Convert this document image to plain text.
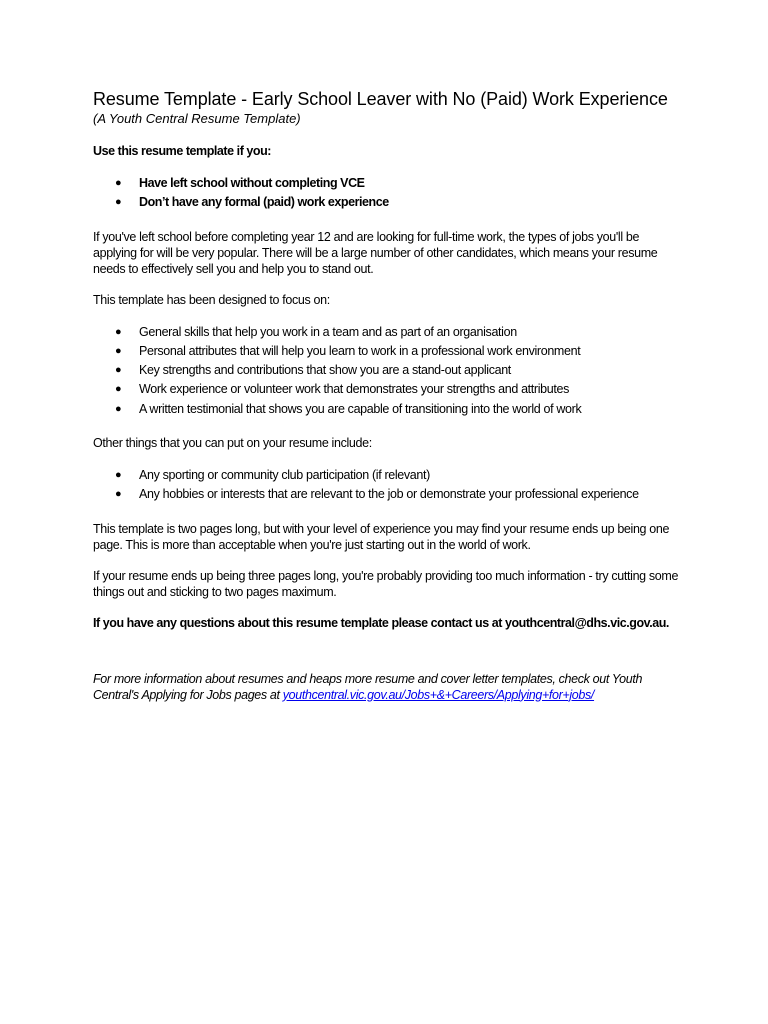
Resume Template - Early School Leaver with No (Paid) Work Experience
(A Youth Central Resume Template)

Use this resume template if you:

● Have left school without completing VCE
● Don’t have any formal (paid) work experience

If you've left school before completing year 12 and are looking for full-time work, the types of jobs you'll be applying for will be very popular. There will be a large number of other candidates, which means your resume needs to effectively sell you and help you to stand out.

This template has been designed to focus on:

● General skills that help you work in a team and as part of an organisation
● Personal attributes that will help you learn to work in a professional work environment
● Key strengths and contributions that show you are a stand-out applicant
● Work experience or volunteer work that demonstrates your strengths and attributes
● A written testimonial that shows you are capable of transitioning into the world of work

Other things that you can put on your resume include:

● Any sporting or community club participation (if relevant)
● Any hobbies or interests that are relevant to the job or demonstrate your professional experience

This template is two pages long, but with your level of experience you may find your resume ends up being one page. This is more than acceptable when you're just starting out in the world of work.

If your resume ends up being three pages long, you're probably providing too much information - try cutting some things out and sticking to two pages maximum.

If you have any questions about this resume template please contact us at youthcentral@dhs.vic.gov.au.

For more information about resumes and heaps more resume and cover letter templates, check out Youth Central's Applying for Jobs pages at youthcentral.vic.gov.au/Jobs+&+Careers/Applying+for+jobs/
